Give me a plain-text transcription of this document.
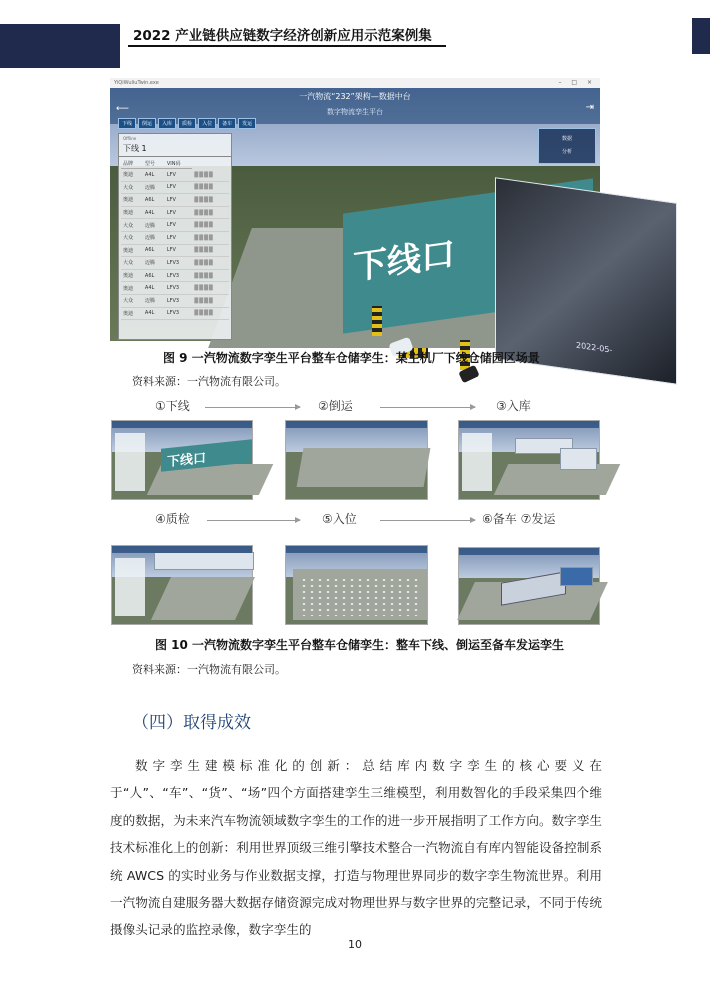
2022 产业链供应链数字经济创新应用示范案例集
YiQiWuliuTwin.exe	– □ ×
一汽物流“232”架构—数据中台
数字物流孪生平台
⟵	⇥
下线	倒运	入库	质检	入位	备车	发运
数据
分析
下线口
2022-05-
Offline
下线 1
品牌	型号	VIN码	
奥迪	A4L	LFV	████
大众	迈腾	LFV	████
奥迪	A6L	LFV	████
奥迪	A4L	LFV	████
大众	迈腾	LFV	████
大众	迈腾	LFV	████
奥迪	A6L	LFV	████
大众	迈腾	LFV3	████
奥迪	A6L	LFV3	████
奥迪	A4L	LFV3	████
大众	迈腾	LFV3	████
奥迪	A4L	LFV3	████
图 9 一汽物流数字孪生平台整车仓储孪生：某主机厂下线仓储园区场景
资料来源：一汽物流有限公司。
①下线	②倒运	③入库
下线口
④质检	⑤入位	⑥备车 ⑦发运
图 10 一汽物流数字孪生平台整车仓储孪生：整车下线、倒运至备车发运孪生
资料来源：一汽物流有限公司。
（四）取得成效

数字孪生建模标准化的创新：总结库内数字孪生的核心要义在于“人”、“车”、“货”、“场”四个方面搭建孪生三维模型，利用数智化的手段采集四个维度的数据，为未来汽车物流领域数字孪生的工作的进一步开展指明了工作方向。数字孪生技术标准化上的创新：利用世界顶级三维引擎技术整合一汽物流自有库内智能设备控制系统 AWCS 的实时业务与作业数据支撑，打造与物理世界同步的数字孪生物流世界。利用一汽物流自建服务器大数据存储资源完成对物理世界与数字世界的完整记录，不同于传统摄像头记录的监控录像，数字孪生的

10
